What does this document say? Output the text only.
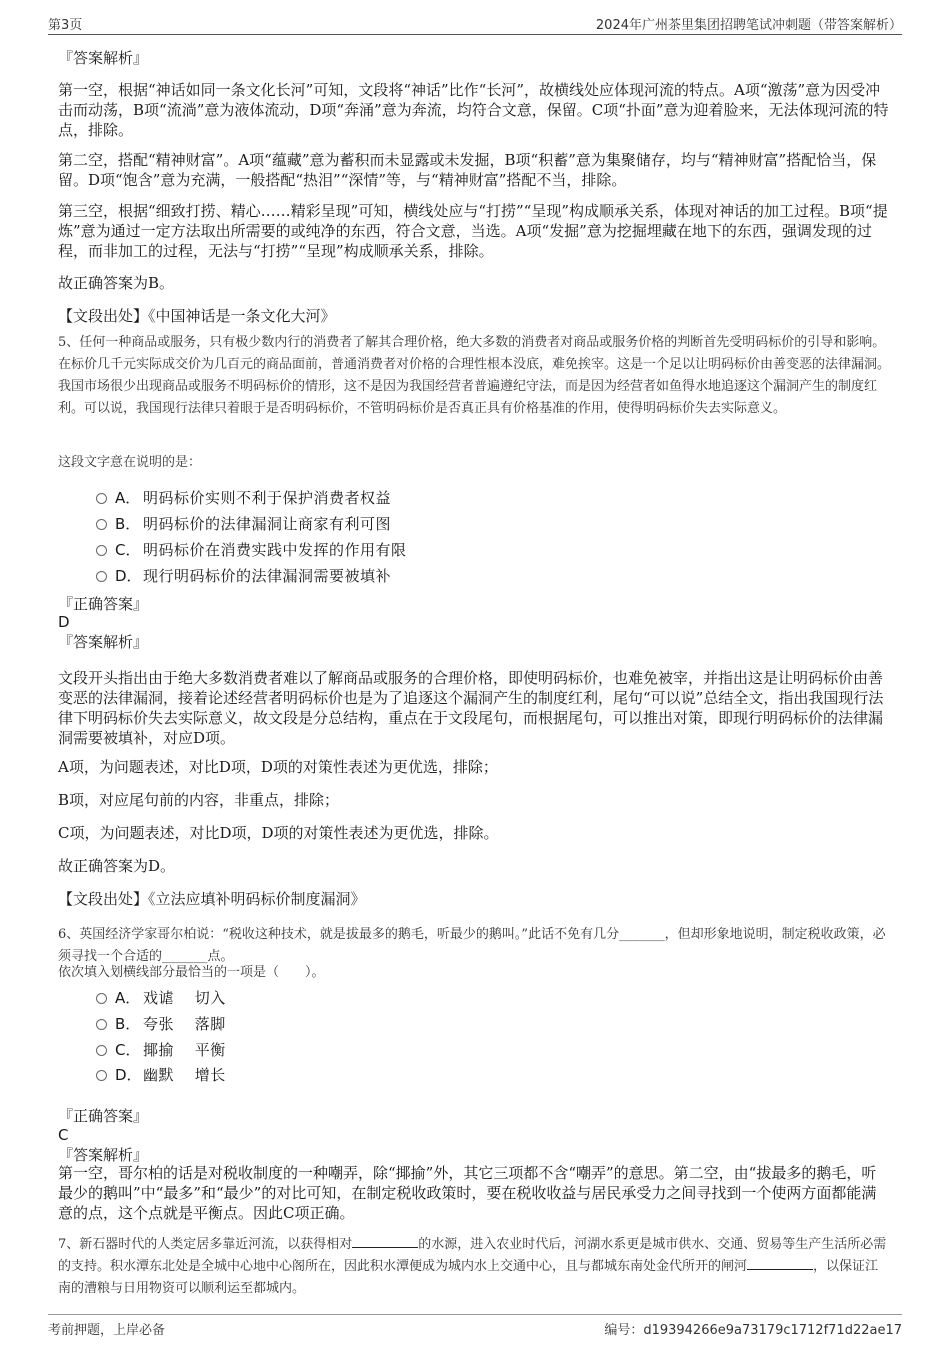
第3页	2024年广州茶里集团招聘笔试冲刺题（带答案解析）
『答案解析』
第一空，根据“神话如同一条文化长河”可知，文段将“神话”比作“长河”，故横线处应体现河流的特点。A项“激荡”意为因受冲击而动荡，B项“流淌”意为液体流动，D项“奔涌”意为奔流，均符合文意，保留。C项“扑面”意为迎着脸来，无法体现河流的特点，排除。
第二空，搭配“精神财富”。A项“蕴藏”意为蓄积而未显露或未发掘，B项“积蓄”意为集聚储存，均与“精神财富”搭配恰当，保留。D项“饱含”意为充满，一般搭配“热泪”“深情”等，与“精神财富”搭配不当，排除。
第三空，根据“细致打捞、精心……精彩呈现”可知，横线处应与“打捞”“呈现”构成顺承关系，体现对神话的加工过程。B项“提炼”意为通过一定方法取出所需要的或纯净的东西，符合文意，当选。A项“发掘”意为挖掘埋藏在地下的东西，强调发现的过程，而非加工的过程，无法与“打捞”“呈现”构成顺承关系，排除。
故正确答案为B。
【文段出处】《中国神话是一条文化大河》
5、任何一种商品或服务，只有极少数内行的消费者了解其合理价格，绝大多数的消费者对商品或服务价格的判断首先受明码标价的引导和影响。在标价几千元实际成交价为几百元的商品面前，普通消费者对价格的合理性根本没底，难免挨宰。这是一个足以让明码标价由善变恶的法律漏洞。我国市场很少出现商品或服务不明码标价的情形，这不是因为我国经营者普遍遵纪守法，而是因为经营者如鱼得水地追逐这个漏洞产生的制度红利。可以说，我国现行法律只着眼于是否明码标价，不管明码标价是否真正具有价格基准的作用，使得明码标价失去实际意义。
这段文字意在说明的是：
A． 明码标价实则不利于保护消费者权益
B． 明码标价的法律漏洞让商家有利可图
C． 明码标价在消费实践中发挥的作用有限
D．现行明码标价的法律漏洞需要被填补
『正确答案』
D
『答案解析』
文段开头指出由于绝大多数消费者难以了解商品或服务的合理价格，即使明码标价，也难免被宰，并指出这是让明码标价由善变恶的法律漏洞，接着论述经营者明码标价也是为了追逐这个漏洞产生的制度红利，尾句“可以说”总结全文，指出我国现行法律下明码标价失去实际意义，故文段是分总结构，重点在于文段尾句，而根据尾句，可以推出对策，即现行明码标价的法律漏洞需要被填补，对应D项。
A项，为问题表述，对比D项，D项的对策性表述为更优选，排除；
B项，对应尾句前的内容，非重点，排除；
C项，为问题表述，对比D项，D项的对策性表述为更优选，排除。
故正确答案为D。
【文段出处】《立法应填补明码标价制度漏洞》
6、英国经济学家哥尔柏说：“税收这种技术，就是拔最多的鹅毛，听最少的鹅叫。”此话不免有几分_______，但却形象地说明，制定税收政策，必须寻找一个合适的_______点。
依次填入划横线部分最恰当的一项是（　　）。
A． 戏谑　 切入
B． 夸张　 落脚
C． 揶揄　 平衡
D．幽默　 增长
『正确答案』
C
『答案解析』
第一空，哥尔柏的话是对税收制度的一种嘲弄，除“揶揄”外，其它三项都不含“嘲弄”的意思。第二空，由“拔最多的鹅毛，听最少的鹅叫”中“最多”和“最少”的对比可知，在制定税收政策时，要在税收收益与居民承受力之间寻找到一个使两方面都能满意的点，这个点就是平衡点。因此C项正确。
7、新石器时代的人类定居多靠近河流，以获得相对	的水源，进入农业时代后，河湖水系更是城市供水、交通、贸易等生产生活所必需的支持。积水潭东北处是全城中心地中心阁所在，因此积水潭便成为城内水上交通中心，且与都城东南处金代所开的闸河	，以保证江南的漕粮与日用物资可以顺利运至都城内。
考前押题，上岸必备	编号：d19394266e9a73179c1712f71d22ae17
